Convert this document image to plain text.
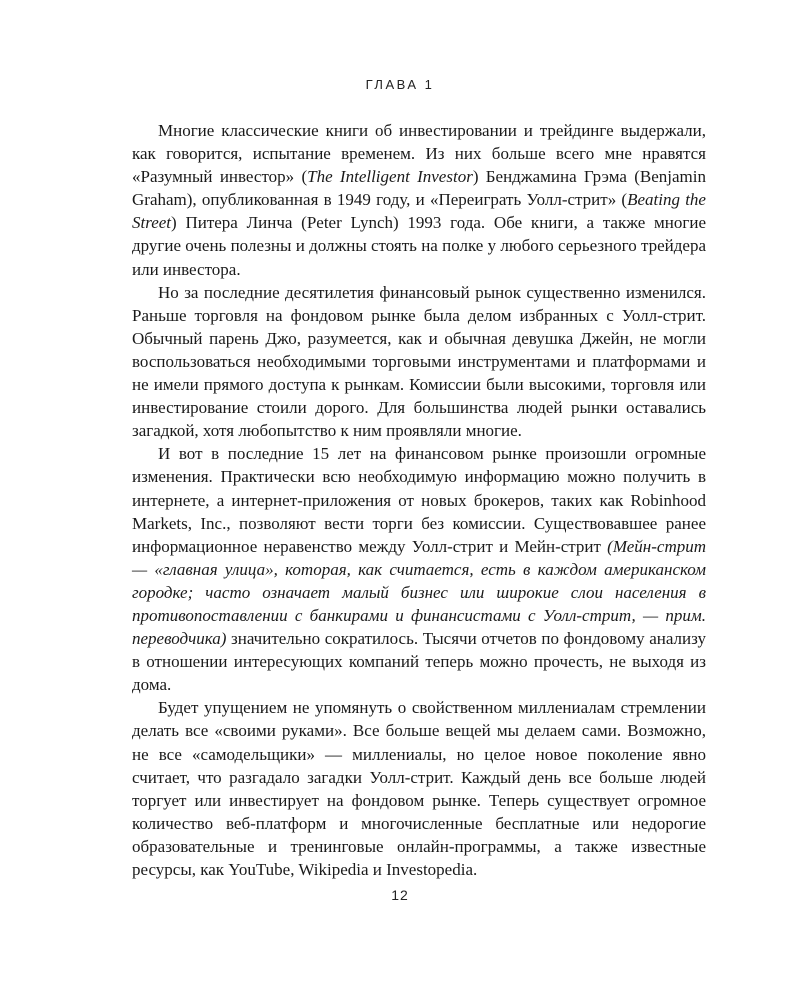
ГЛАВА 1

Многие классические книги об инвестировании и трейдинге выдержали, как говорится, испытание временем. Из них больше всего мне нравятся «Разумный инвестор» (The Intelligent Investor) Бенджамина Грэма (Benjamin Graham), опубликованная в 1949 году, и «Переиграть Уолл-стрит» (Beating the Street) Питера Линча (Peter Lynch) 1993 года. Обе книги, а также многие другие очень полезны и должны стоять на полке у любого серьезного трейдера или инвестора.

Но за последние десятилетия финансовый рынок существенно изменился. Раньше торговля на фондовом рынке была делом избранных с Уолл-стрит. Обычный парень Джо, разумеется, как и обычная девушка Джейн, не могли воспользоваться необходимыми торговыми инструментами и платформами и не имели прямого доступа к рынкам. Комиссии были высокими, торговля или инвестирование стоили дорого. Для большинства людей рынки оставались загадкой, хотя любопытство к ним проявляли многие.

И вот в последние 15 лет на финансовом рынке произошли огромные изменения. Практически всю необходимую информацию можно получить в интернете, а интернет-приложения от новых брокеров, таких как Robinhood Markets, Inc., позволяют вести торги без комиссии. Существовавшее ранее информационное неравенство между Уолл-стрит и Мейн-стрит (Мейн-стрит — «главная улица», которая, как считается, есть в каждом американском городке; часто означает малый бизнес или широкие слои населения в противопоставлении с банкирами и финансистами с Уолл-стрит, — прим. переводчика) значительно сократилось. Тысячи отчетов по фондовому анализу в отношении интересующих компаний теперь можно прочесть, не выходя из дома.

Будет упущением не упомянуть о свойственном миллениалам стремлении делать все «своими руками». Все больше вещей мы делаем сами. Возможно, не все «самодельщики» — миллениалы, но целое новое поколение явно считает, что разгадало загадки Уолл-стрит. Каждый день все больше людей торгует или инвестирует на фондовом рынке. Теперь существует огромное количество веб-платформ и многочисленные бесплатные или недорогие образовательные и тренинговые онлайн-программы, а также известные ресурсы, как YouTube, Wikipedia и Investopedia.

12
